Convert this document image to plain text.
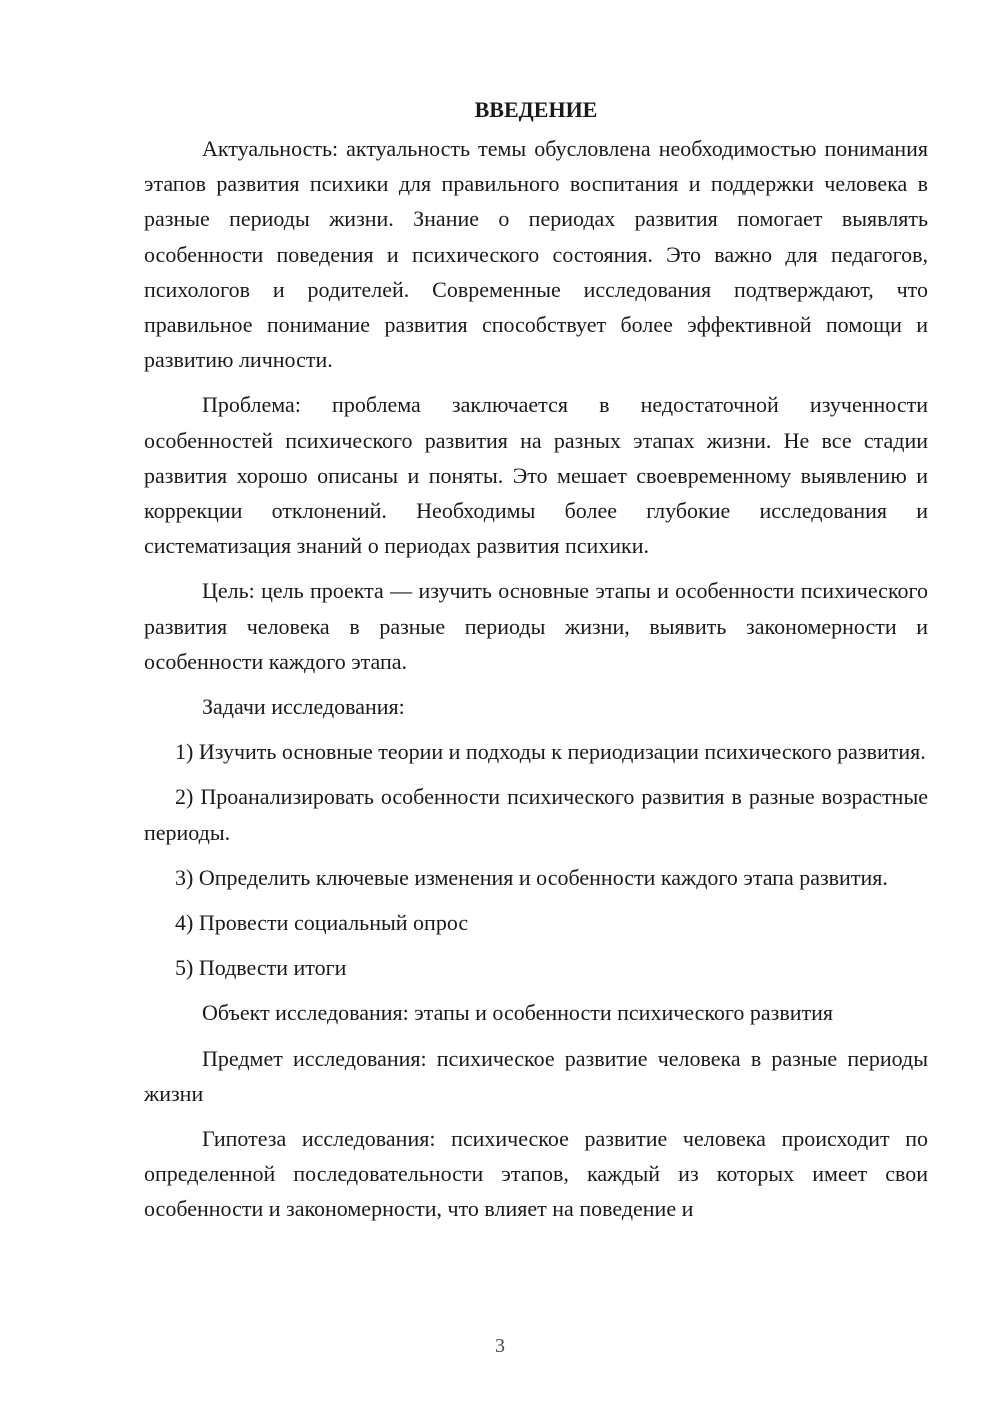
ВВЕДЕНИЕ

Актуальность: актуальность темы обусловлена необходимостью понимания этапов развития психики для правильного воспитания и поддержки человека в разные периоды жизни. Знание о периодах развития помогает выявлять особенности поведения и психического состояния. Это важно для педагогов, психологов и родителей. Современные исследования подтверждают, что правильное понимание развития способствует более эффективной помощи и развитию личности.

Проблема: проблема заключается в недостаточной изученности особенностей психического развития на разных этапах жизни. Не все стадии развития хорошо описаны и поняты. Это мешает своевременному выявлению и коррекции отклонений. Необходимы более глубокие исследования и систематизация знаний о периодах развития психики.

Цель: цель проекта — изучить основные этапы и особенности психического развития человека в разные периоды жизни, выявить закономерности и особенности каждого этапа.

Задачи исследования:

1) Изучить основные теории и подходы к периодизации психического развития.

2) Проанализировать особенности психического развития в разные возрастные периоды.

3) Определить ключевые изменения и особенности каждого этапа развития.

4) Провести социальный опрос

5) Подвести итоги

Объект исследования: этапы и особенности психического развития

Предмет исследования: психическое развитие человека в разные периоды жизни

Гипотеза исследования: психическое развитие человека происходит по определенной последовательности этапов, каждый из которых имеет свои особенности и закономерности, что влияет на поведение и

3
